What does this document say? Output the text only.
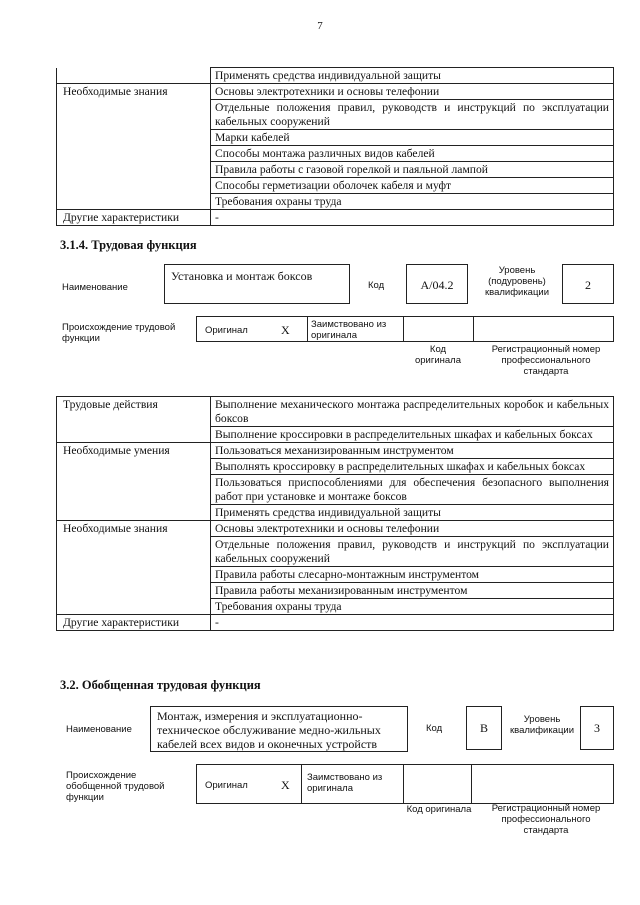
7
	Применять средства индивидуальной защиты
Необходимые знания	Основы электротехники и основы телефонии
	Отдельные положения правил, руководств и инструкций по эксплуатации кабельных сооружений
	Марки кабелей
	Способы монтажа различных видов кабелей
	Правила работы с газовой горелкой и паяльной лампой
	Способы герметизации оболочек кабеля и муфт
	Требования охраны труда
Другие характеристики	-
3.1.4. Трудовая функция
Наименование
Установка и монтаж боксов
Код	А/04.2
Уровень (подуровень) квалификации
2
Происхождение трудовой функции
Оригинал	X Заимствовано из оригинала
Код оригинала
Регистрационный номер профессионального стандарта
Трудовые действия	Выполнение механического монтажа распределительных коробок и кабельных боксов
	Выполнение кроссировки в распределительных шкафах и кабельных боксах
Необходимые умения	Пользоваться механизированным инструментом
	Выполнять кроссировку в распределительных шкафах и кабельных боксах
	Пользоваться приспособлениями для обеспечения безопасного выполнения работ при установке и монтаже боксов
	Применять средства индивидуальной защиты
Необходимые знания	Основы электротехники и основы телефонии
	Отдельные положения правил, руководств и инструкций по эксплуатации кабельных сооружений
	Правила работы слесарно-монтажным инструментом
	Правила работы механизированным инструментом
	Требования охраны труда
Другие характеристики	-
3.2. Обобщенная трудовая функция
Наименование
Монтаж, измерения и эксплуатационно-техническое обслуживание медно-жильных кабелей всех видов и оконечных устройств
Код	В
Уровень квалификации	3
Происхождение обобщенной трудовой функции
Оригинал	X
Заимствовано из оригинала
Код оригинала	Регистрационный номер профессионального стандарта
